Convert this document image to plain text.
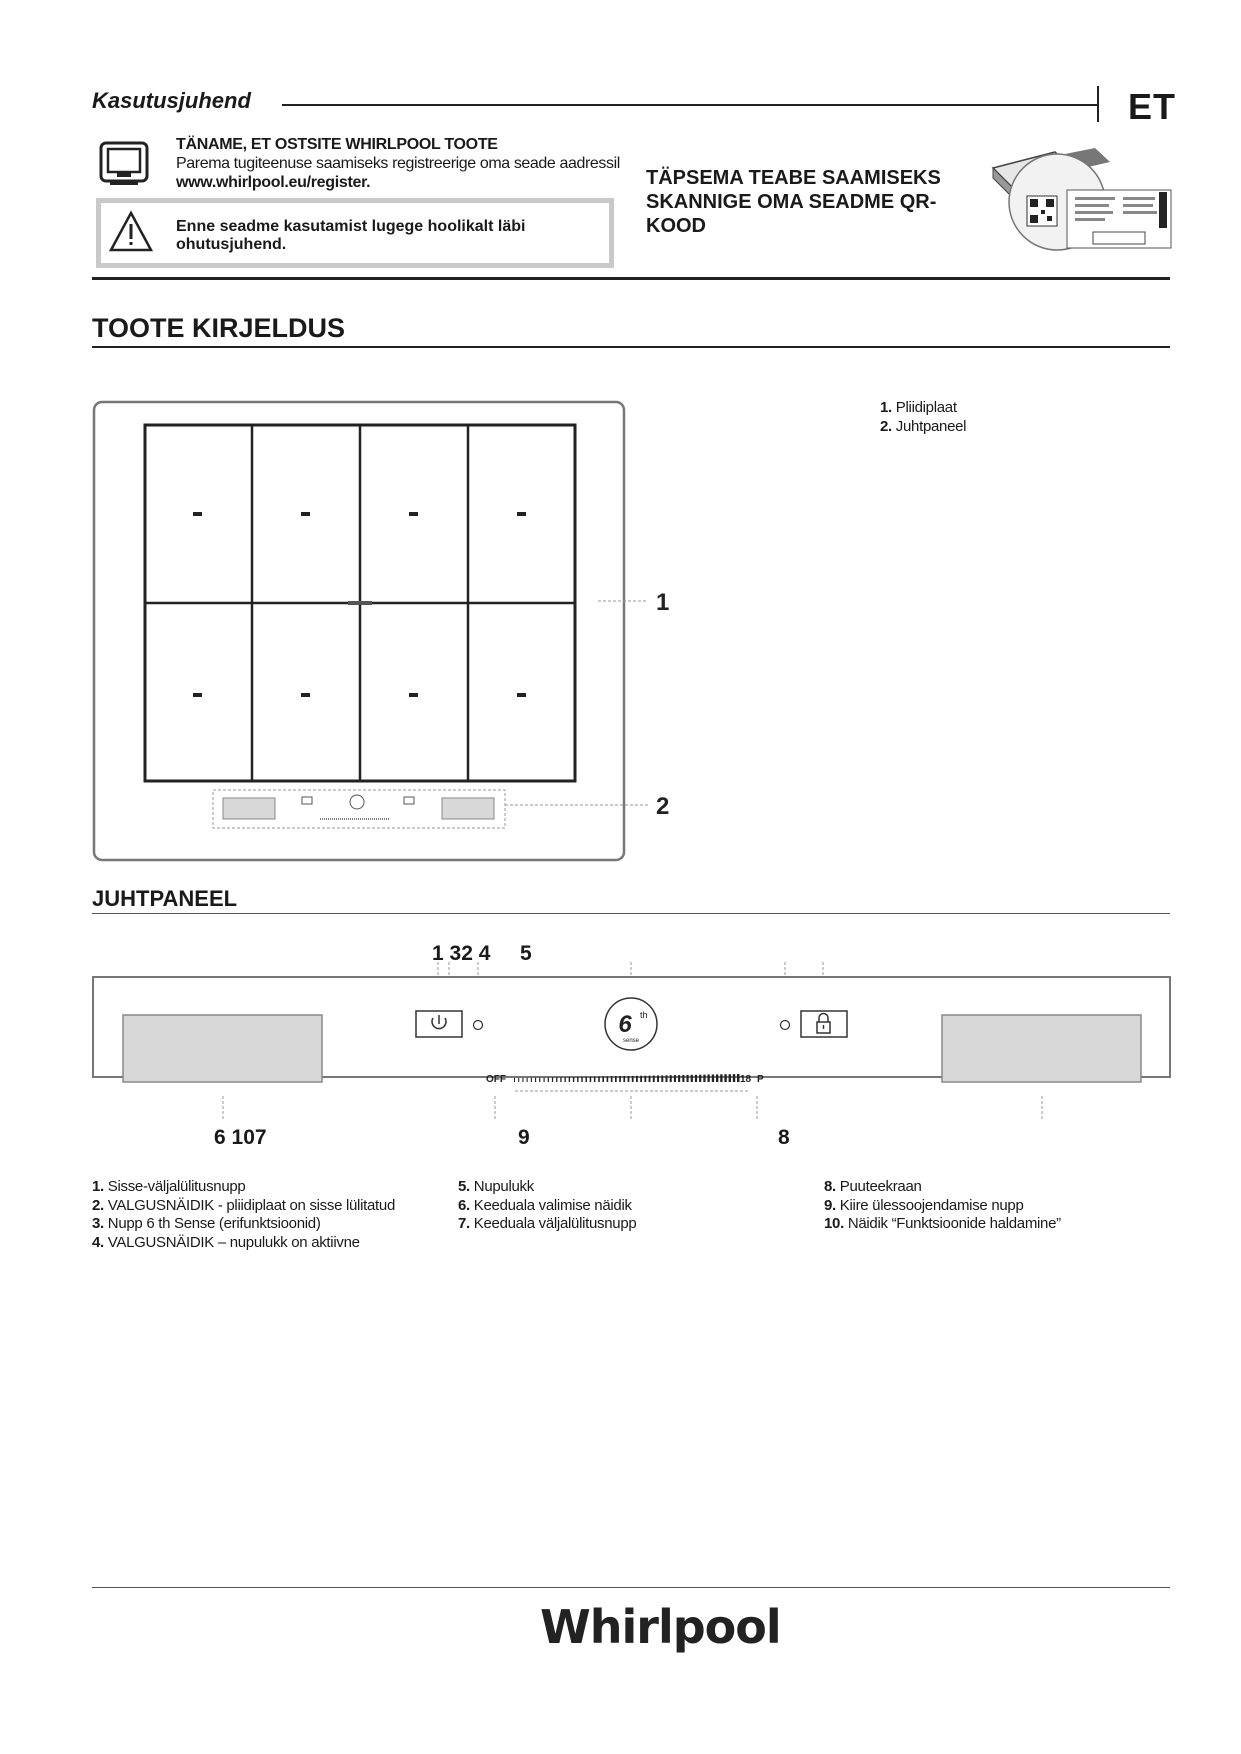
Kasutusjuhend	ET
TÄNAME, ET OSTSITE WHIRLPOOL TOOTE
Parema tugiteenuse saamiseks registreerige oma seade aadressil
www.whirlpool.eu/register.
Enne seadme kasutamist lugege hoolikalt läbi
ohutusjuhend.
TÄPSEMA TEABE SAAMISEKS
SKANNIGE OMA SEADME QR-
KOOD
TOOTE KIRJELDUS
1
2
1. Pliidiplaat
2. Juhtpaneel
JUHTPANEEL
1 32 4 5
6 th
sense
OFF	18 P
6 107	9	8
1. Sisse-väljalülitusnupp
2. VALGUSNÄIDIK - pliidiplaat on sisse lülitatud
3. Nupp 6 th Sense (erifunktsioonid)
4. VALGUSNÄIDIK – nupulukk on aktiivne
5. Nupulukk
6. Keeduala valimise näidik
7. Keeduala väljalülitusnupp
8. Puuteekraan
9. Kiire ülessoojendamise nupp
10. Näidik “Funktsioonide haldamine”
Whirlpool
